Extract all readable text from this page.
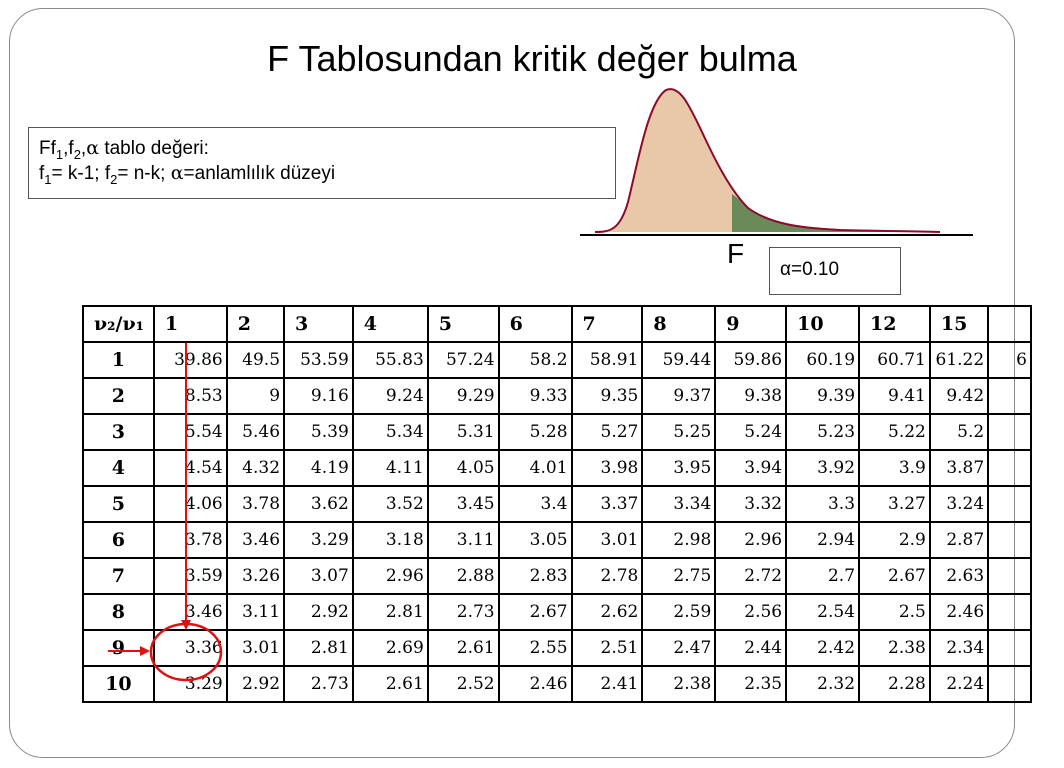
F Tablosundan kritik değer bulma
$Ff_1,f_2,\alpha$ tablo değeri:
$f_1= k-1$; $f_2= n-k$; α=anlamlılık düzeyi
F
α=0.10
ν₂/ν₁	1	2	3	4	5	6	7	8	9	10	12	15	
1	39.86	49.5	53.59	55.83	57.24	58.2	58.91	59.44	59.86	60.19	60.71	61.22	6
2	8.53	9	9.16	9.24	9.29	9.33	9.35	9.37	9.38	9.39	9.41	9.42	
3	5.54	5.46	5.39	5.34	5.31	5.28	5.27	5.25	5.24	5.23	5.22	5.2	
4	4.54	4.32	4.19	4.11	4.05	4.01	3.98	3.95	3.94	3.92	3.9	3.87	
5	4.06	3.78	3.62	3.52	3.45	3.4	3.37	3.34	3.32	3.3	3.27	3.24	
6	3.78	3.46	3.29	3.18	3.11	3.05	3.01	2.98	2.96	2.94	2.9	2.87	
7	3.59	3.26	3.07	2.96	2.88	2.83	2.78	2.75	2.72	2.7	2.67	2.63	
8	3.46	3.11	2.92	2.81	2.73	2.67	2.62	2.59	2.56	2.54	2.5	2.46	
9	3.36	3.01	2.81	2.69	2.61	2.55	2.51	2.47	2.44	2.42	2.38	2.34	
10	3.29	2.92	2.73	2.61	2.52	2.46	2.41	2.38	2.35	2.32	2.28	2.24	
